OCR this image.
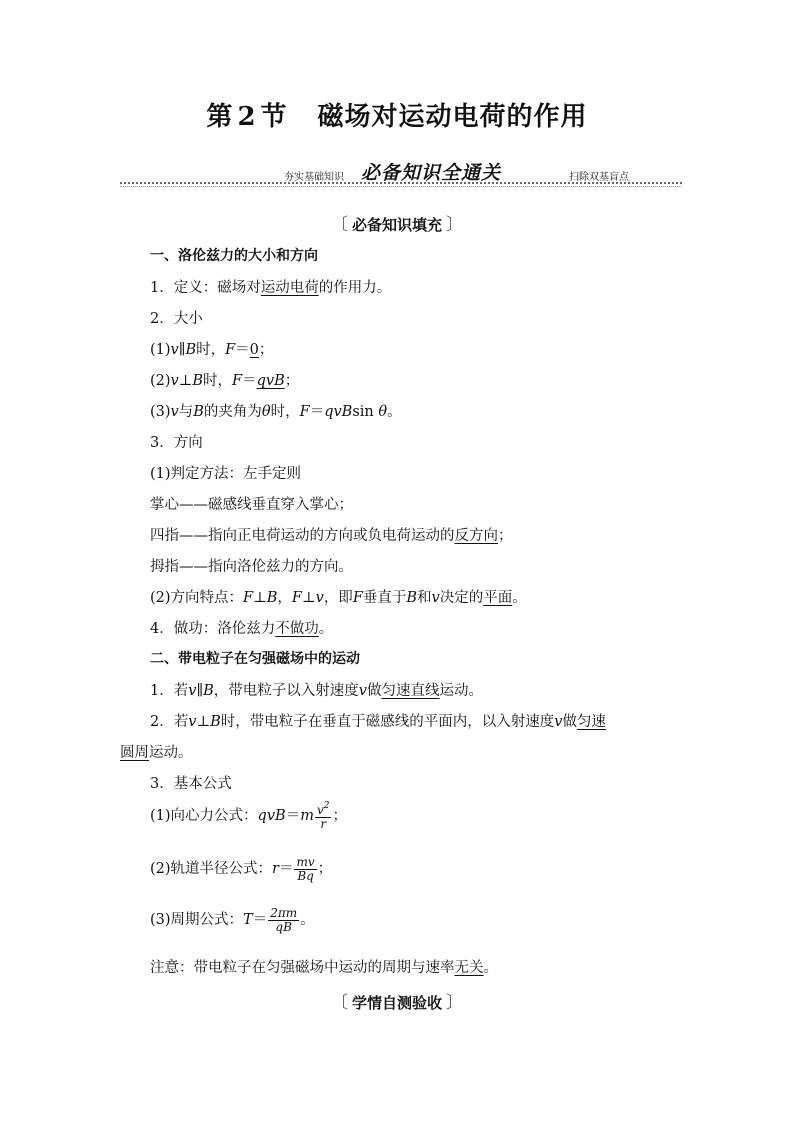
第 2 节 磁场对运动电荷的作用
夯实基础知识 必备知识全通关	扫除双基盲点
〔 必备知识填充 〕
一、洛伦兹力的大小和方向
1．定义：磁场对运动电荷的作用力。
2．大小
(1)v∥B时，F＝0；
(2)v⊥B时，F＝qvB；
(3)v与B的夹角为θ时，F＝qvBsin θ。
3．方向
(1)判定方法：左手定则
掌心——磁感线垂直穿入掌心；
四指——指向正电荷运动的方向或负电荷运动的反方向；
拇指——指向洛伦兹力的方向。
(2)方向特点：F⊥B，F⊥v，即F垂直于B和v决定的平面。
4．做功：洛伦兹力不做功。
二、带电粒子在匀强磁场中的运动
1．若v∥B，带电粒子以入射速度v做匀速直线运动。
2．若v⊥B时，带电粒子在垂直于磁感线的平面内，以入射速度v做匀速
圆周运动。
3．基本公式
(1)向心力公式：$qvB=m \frac{v^2}{r}$ ；
(2)轨道半径公式：$r= \frac{mv}{Bq}$ ；
(3)周期公式：$T= \frac{2\pi m}{qB}$ 。
注意：带电粒子在匀强磁场中运动的周期与速率无关。
〔 学情自测验收 〕
